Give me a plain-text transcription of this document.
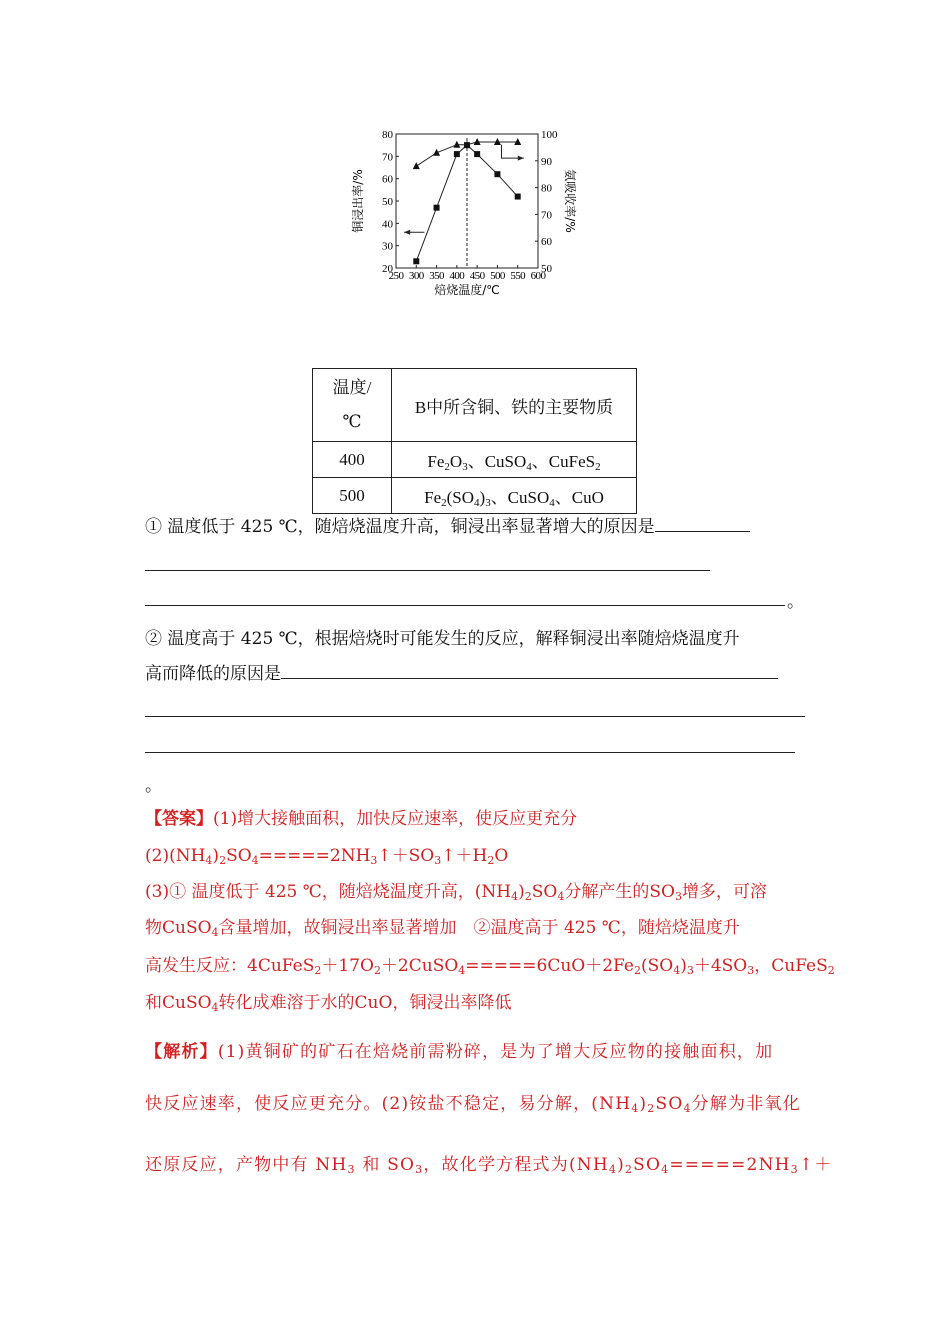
250 300 350 400 450 500 550 600
20
30
40
50
60
70
80
50
60
70
80
90
100
焙烧温度/℃
铜浸出率/%	氨吸收率/%
温度/
℃	B中所含铜、铁的主要物质
400	$Fe_2O_3$、CuSO$_4$、CuFeS$_2$
500	$Fe_2(SO_4)_3$、CuSO$_4$、CuO
① 温度低于 425 ℃，随焙烧温度升高，铜浸出率显著增大的原因是
。
② 温度高于 425 ℃，根据焙烧时可能发生的反应，解释铜浸出率随焙烧温度升
高而降低的原因是
。
【答案】(1)增大接触面积，加快反应速率，使反应更充分
$(2)(NH_4)_2SO_4=====2NH_3↑+SO_3↑+H_2O$
(3)① 温度低于 425 ℃，随焙烧温度升高，$(NH_4)_2SO_4$分解产生的$SO_3$增多，可溶
物CuSO$_4$含量增加，故铜浸出率显著增加　②温度高于 425 ℃，随焙烧温度升
高发生反应：$4CuFeS_2+17O_2+2CuSO_4=====6CuO+2Fe_2(SO_4)_3+4SO_3$，CuFeS$_2$
和CuSO$_4$转化成难溶于水的CuO，铜浸出率降低
【解析】(1)黄铜矿的矿石在焙烧前需粉碎，是为了增大反应物的接触面积，加
快反应速率，使反应更充分。(2)铵盐不稳定，易分解，$(NH_4)_2SO_4$分解为非氧化
还原反应，产物中有 $NH_3$ 和 $SO_3$，故化学方程式为$(NH_4)_2SO_4=====2NH_3↑+$
